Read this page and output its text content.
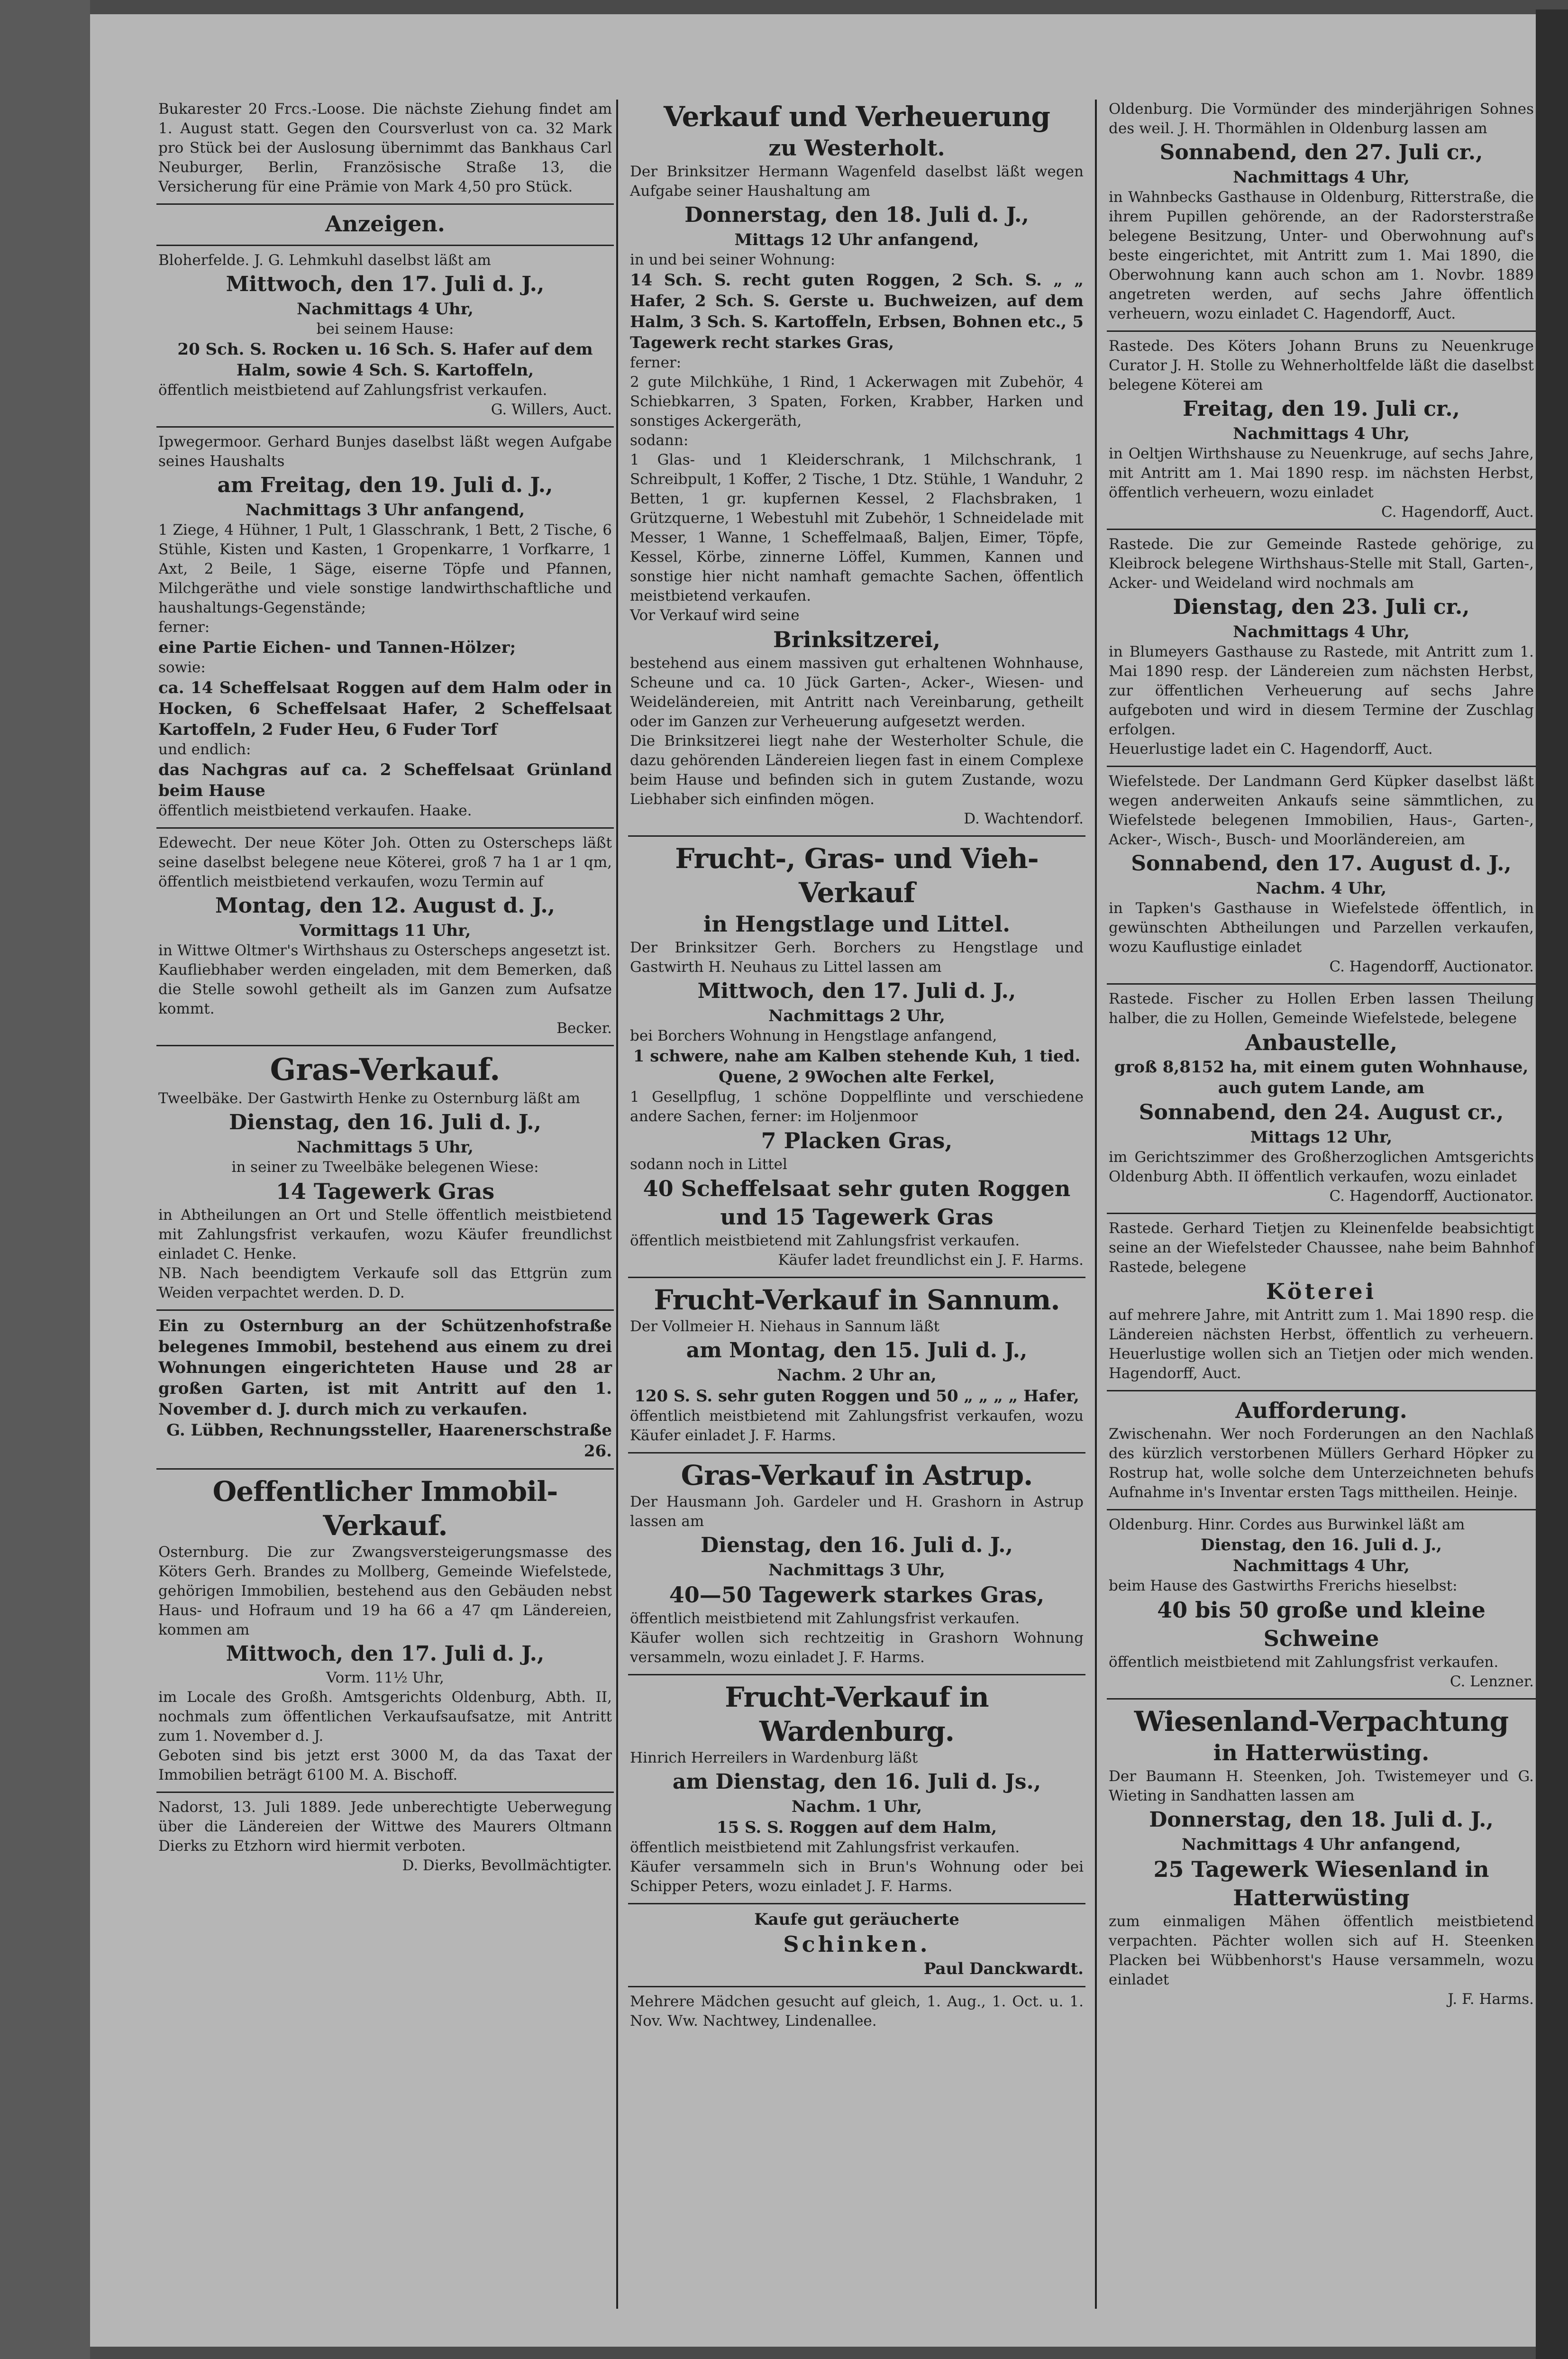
Bukarester 20 Frcs.-Loose. Die nächste Ziehung findet am 1. August statt. Gegen den Coursverlust von ca. 32 Mark pro Stück bei der Auslosung übernimmt das Bankhaus Carl Neuburger, Berlin, Französische Straße 13, die Versicherung für eine Prämie von Mark 4,50 pro Stück.

Anzeigen.

Bloherfelde. J. G. Lehmkuhl daselbst läßt am

Mittwoch, den 17. Juli d. J.,

Nachmittags 4 Uhr,

bei seinem Hause:

20 Sch. S. Rocken u. 16 Sch. S. Hafer auf dem Halm, sowie 4 Sch. S. Kartoffeln,

öffentlich meistbietend auf Zahlungsfrist verkaufen.

G. Willers, Auct.

Ipwegermoor. Gerhard Bunjes daselbst läßt wegen Aufgabe seines Haushalts

am Freitag, den 19. Juli d. J.,

Nachmittags 3 Uhr anfangend,

1 Ziege, 4 Hühner, 1 Pult, 1 Glasschrank, 1 Bett, 2 Tische, 6 Stühle, Kisten und Kasten, 1 Gropenkarre, 1 Vorfkarre, 1 Axt, 2 Beile, 1 Säge, eiserne Töpfe und Pfannen, Milchgeräthe und viele sonstige landwirthschaftliche und haushaltungs-Gegenstände;

ferner:

eine Partie Eichen- und Tannen-Hölzer;

sowie:

ca. 14 Scheffelsaat Roggen auf dem Halm oder in Hocken, 6 Scheffelsaat Hafer, 2 Scheffelsaat Kartoffeln, 2 Fuder Heu, 6 Fuder Torf

und endlich:

das Nachgras auf ca. 2 Scheffelsaat Grünland beim Hause

öffentlich meistbietend verkaufen. Haake.

Edewecht. Der neue Köter Joh. Otten zu Osterscheps läßt seine daselbst belegene neue Köterei, groß 7 ha 1 ar 1 qm, öffentlich meistbietend verkaufen, wozu Termin auf

Montag, den 12. August d. J.,

Vormittags 11 Uhr,

in Wittwe Oltmer's Wirthshaus zu Osterscheps angesetzt ist.

Kaufliebhaber werden eingeladen, mit dem Bemerken, daß die Stelle sowohl getheilt als im Ganzen zum Aufsatze kommt.

Becker.

Gras-Verkauf.

Tweelbäke. Der Gastwirth Henke zu Osternburg läßt am

Dienstag, den 16. Juli d. J.,

Nachmittags 5 Uhr,

in seiner zu Tweelbäke belegenen Wiese:

14 Tagewerk Gras

in Abtheilungen an Ort und Stelle öffentlich meistbietend mit Zahlungsfrist verkaufen, wozu Käufer freundlichst einladet C. Henke.

NB. Nach beendigtem Verkaufe soll das Ettgrün zum Weiden verpachtet werden. D. D.

Ein zu Osternburg an der Schützenhofstraße belegenes Immobil, bestehend aus einem zu drei Wohnungen eingerichteten Hause und 28 ar großen Garten, ist mit Antritt auf den 1. November d. J. durch mich zu verkaufen.

G. Lübben, Rechnungssteller, Haarenerschstraße 26.

Oeffentlicher Immobil-Verkauf.

Osternburg. Die zur Zwangsversteigerungsmasse des Köters Gerh. Brandes zu Mollberg, Gemeinde Wiefelstede, gehörigen Immobilien, bestehend aus den Gebäuden nebst Haus- und Hofraum und 19 ha 66 a 47 qm Ländereien, kommen am

Mittwoch, den 17. Juli d. J.,

Vorm. 11½ Uhr,

im Locale des Großh. Amtsgerichts Oldenburg, Abth. II, nochmals zum öffentlichen Verkaufsaufsatze, mit Antritt zum 1. November d. J.

Geboten sind bis jetzt erst 3000 M, da das Taxat der Immobilien beträgt 6100 M. A. Bischoff.

Nadorst, 13. Juli 1889. Jede unberechtigte Ueberwegung über die Ländereien der Wittwe des Maurers Oltmann Dierks zu Etzhorn wird hiermit verboten.

D. Dierks, Bevollmächtigter.

Verkauf und Verheuerung

zu Westerholt.

Der Brinksitzer Hermann Wagenfeld daselbst läßt wegen Aufgabe seiner Haushaltung am

Donnerstag, den 18. Juli d. J.,

Mittags 12 Uhr anfangend,

in und bei seiner Wohnung:

14 Sch. S. recht guten Roggen, 2 Sch. S. „ „ Hafer, 2 Sch. S. Gerste u. Buchweizen, auf dem Halm, 3 Sch. S. Kartoffeln, Erbsen, Bohnen etc., 5 Tagewerk recht starkes Gras,

ferner:

2 gute Milchkühe, 1 Rind, 1 Ackerwagen mit Zubehör, 4 Schiebkarren, 3 Spaten, Forken, Krabber, Harken und sonstiges Ackergeräth,

sodann:

1 Glas- und 1 Kleiderschrank, 1 Milchschrank, 1 Schreibpult, 1 Koffer, 2 Tische, 1 Dtz. Stühle, 1 Wanduhr, 2 Betten, 1 gr. kupfernen Kessel, 2 Flachsbraken, 1 Grützquerne, 1 Webestuhl mit Zubehör, 1 Schneidelade mit Messer, 1 Wanne, 1 Scheffelmaaß, Baljen, Eimer, Töpfe, Kessel, Körbe, zinnerne Löffel, Kummen, Kannen und sonstige hier nicht namhaft gemachte Sachen, öffentlich meistbietend verkaufen.

Vor Verkauf wird seine

Brinksitzerei,

bestehend aus einem massiven gut erhaltenen Wohnhause, Scheune und ca. 10 Jück Garten-, Acker-, Wiesen- und Weideländereien, mit Antritt nach Vereinbarung, getheilt oder im Ganzen zur Verheuerung aufgesetzt werden.

Die Brinksitzerei liegt nahe der Westerholter Schule, die dazu gehörenden Ländereien liegen fast in einem Complexe beim Hause und befinden sich in gutem Zustande, wozu Liebhaber sich einfinden mögen.

D. Wachtendorf.

Frucht-, Gras- und Vieh-Verkauf

in Hengstlage und Littel.

Der Brinksitzer Gerh. Borchers zu Hengstlage und Gastwirth H. Neuhaus zu Littel lassen am

Mittwoch, den 17. Juli d. J.,

Nachmittags 2 Uhr,

bei Borchers Wohnung in Hengstlage anfangend,

1 schwere, nahe am Kalben stehende Kuh, 1 tied. Quene, 2 9Wochen alte Ferkel,

1 Gesellpflug, 1 schöne Doppelflinte und verschiedene andere Sachen, ferner: im Holjenmoor

7 Placken Gras,

sodann noch in Littel

40 Scheffelsaat sehr guten Roggen und 15 Tagewerk Gras

öffentlich meistbietend mit Zahlungsfrist verkaufen.

Käufer ladet freundlichst ein J. F. Harms.

Frucht-Verkauf in Sannum.

Der Vollmeier H. Niehaus in Sannum läßt

am Montag, den 15. Juli d. J.,

Nachm. 2 Uhr an,

120 S. S. sehr guten Roggen und 50 „ „ „ „ Hafer,

öffentlich meistbietend mit Zahlungsfrist verkaufen, wozu Käufer einladet J. F. Harms.

Gras-Verkauf in Astrup.

Der Hausmann Joh. Gardeler und H. Grashorn in Astrup lassen am

Dienstag, den 16. Juli d. J.,

Nachmittags 3 Uhr,

40—50 Tagewerk starkes Gras,

öffentlich meistbietend mit Zahlungsfrist verkaufen.

Käufer wollen sich rechtzeitig in Grashorn Wohnung versammeln, wozu einladet J. F. Harms.

Frucht-Verkauf in Wardenburg.

Hinrich Herreilers in Wardenburg läßt

am Dienstag, den 16. Juli d. Js.,

Nachm. 1 Uhr,

15 S. S. Roggen auf dem Halm,

öffentlich meistbietend mit Zahlungsfrist verkaufen.

Käufer versammeln sich in Brun's Wohnung oder bei Schipper Peters, wozu einladet J. F. Harms.

Kaufe gut geräucherte

Schinken.

Paul Danckwardt.

Mehrere Mädchen gesucht auf gleich, 1. Aug., 1. Oct. u. 1. Nov. Ww. Nachtwey, Lindenallee.

Oldenburg. Die Vormünder des minderjährigen Sohnes des weil. J. H. Thormählen in Oldenburg lassen am

Sonnabend, den 27. Juli cr.,

Nachmittags 4 Uhr,

in Wahnbecks Gasthause in Oldenburg, Ritterstraße, die ihrem Pupillen gehörende, an der Radorsterstraße belegene Besitzung, Unter- und Oberwohnung auf's beste eingerichtet, mit Antritt zum 1. Mai 1890, die Oberwohnung kann auch schon am 1. Novbr. 1889 angetreten werden, auf sechs Jahre öffentlich verheuern, wozu einladet C. Hagendorff, Auct.

Rastede. Des Köters Johann Bruns zu Neuenkruge Curator J. H. Stolle zu Wehnerholtfelde läßt die daselbst belegene Köterei am

Freitag, den 19. Juli cr.,

Nachmittags 4 Uhr,

in Oeltjen Wirthshause zu Neuenkruge, auf sechs Jahre, mit Antritt am 1. Mai 1890 resp. im nächsten Herbst, öffentlich verheuern, wozu einladet

C. Hagendorff, Auct.

Rastede. Die zur Gemeinde Rastede gehörige, zu Kleibrock belegene Wirthshaus-Stelle mit Stall, Garten-, Acker- und Weideland wird nochmals am

Dienstag, den 23. Juli cr.,

Nachmittags 4 Uhr,

in Blumeyers Gasthause zu Rastede, mit Antritt zum 1. Mai 1890 resp. der Ländereien zum nächsten Herbst, zur öffentlichen Verheuerung auf sechs Jahre aufgeboten und wird in diesem Termine der Zuschlag erfolgen.

Heuerlustige ladet ein C. Hagendorff, Auct.

Wiefelstede. Der Landmann Gerd Küpker daselbst läßt wegen anderweiten Ankaufs seine sämmtlichen, zu Wiefelstede belegenen Immobilien, Haus-, Garten-, Acker-, Wisch-, Busch- und Moorländereien, am

Sonnabend, den 17. August d. J.,

Nachm. 4 Uhr,

in Tapken's Gasthause in Wiefelstede öffentlich, in gewünschten Abtheilungen und Parzellen verkaufen, wozu Kauflustige einladet

C. Hagendorff, Auctionator.

Rastede. Fischer zu Hollen Erben lassen Theilung halber, die zu Hollen, Gemeinde Wiefelstede, belegene

Anbaustelle,

groß 8,8152 ha, mit einem guten Wohnhause, auch gutem Lande, am

Sonnabend, den 24. August cr.,

Mittags 12 Uhr,

im Gerichtszimmer des Großherzoglichen Amtsgerichts Oldenburg Abth. II öffentlich verkaufen, wozu einladet

C. Hagendorff, Auctionator.

Rastede. Gerhard Tietjen zu Kleinenfelde beabsichtigt seine an der Wiefelsteder Chaussee, nahe beim Bahnhof Rastede, belegene

Köterei

auf mehrere Jahre, mit Antritt zum 1. Mai 1890 resp. die Ländereien nächsten Herbst, öffentlich zu verheuern. Heuerlustige wollen sich an Tietjen oder mich wenden. Hagendorff, Auct.

Aufforderung.

Zwischenahn. Wer noch Forderungen an den Nachlaß des kürzlich verstorbenen Müllers Gerhard Höpker zu Rostrup hat, wolle solche dem Unterzeichneten behufs Aufnahme in's Inventar ersten Tags mittheilen. Heinje.

Oldenburg. Hinr. Cordes aus Burwinkel läßt am

Dienstag, den 16. Juli d. J.,

Nachmittags 4 Uhr,

beim Hause des Gastwirths Frerichs hieselbst:

40 bis 50 große und kleine Schweine

öffentlich meistbietend mit Zahlungsfrist verkaufen.

C. Lenzner.

Wiesenland-Verpachtung

in Hatterwüsting.

Der Baumann H. Steenken, Joh. Twistemeyer und G. Wieting in Sandhatten lassen am

Donnerstag, den 18. Juli d. J.,

Nachmittags 4 Uhr anfangend,

25 Tagewerk Wiesenland in Hatterwüsting

zum einmaligen Mähen öffentlich meistbietend verpachten. Pächter wollen sich auf H. Steenken Placken bei Wübbenhorst's Hause versammeln, wozu einladet

J. F. Harms.
